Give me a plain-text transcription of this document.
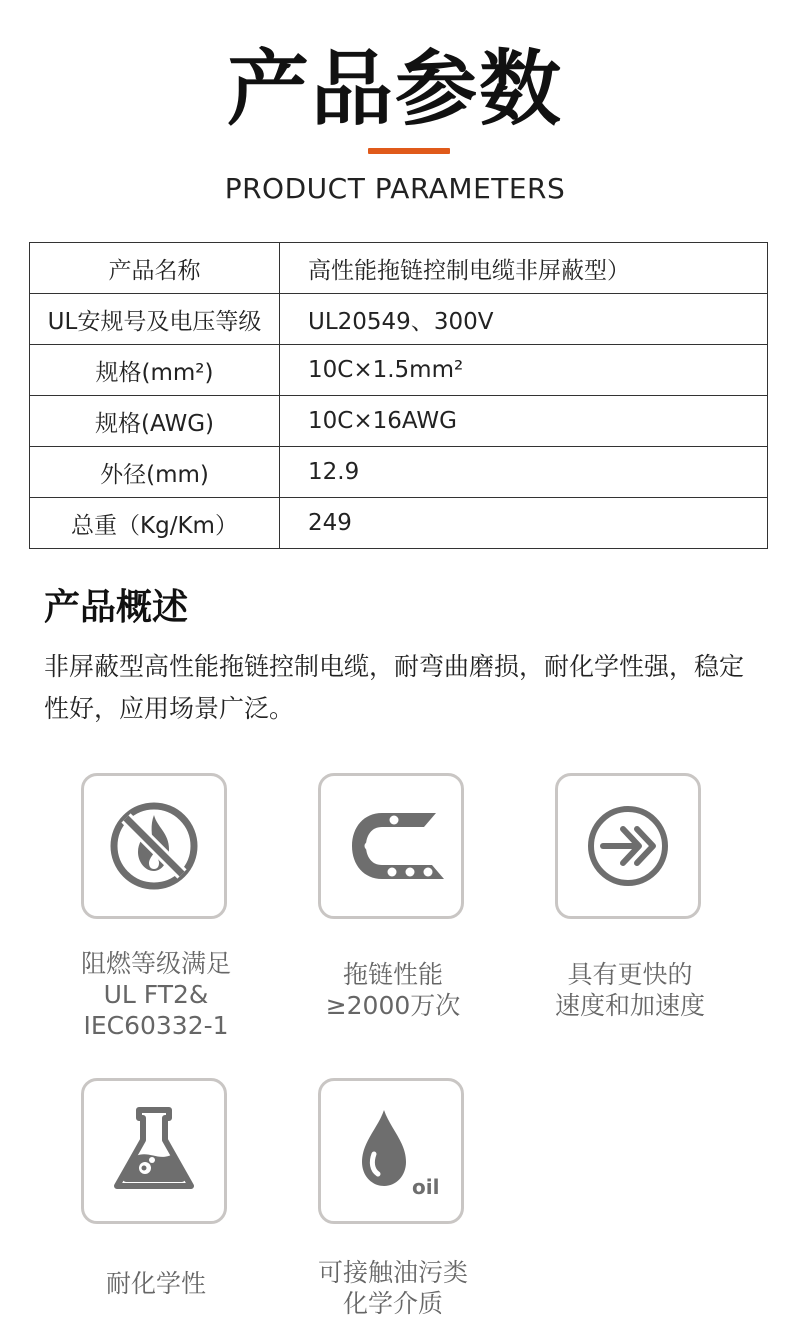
产品参数
PRODUCT PARAMETERS
产品名称	高性能拖链控制电缆非屏蔽型）
UL安规号及电压等级	UL20549、300V
规格(mm²)	10C×1.5mm²
规格(AWG)	10C×16AWG
外径(mm)	12.9
总重（Kg/Km）	249
产品概述
非屏蔽型高性能拖链控制电缆，耐弯曲磨损，耐化学性强，稳定性好，应用场景广泛。
阻燃等级满足
UL FT2&
IEC60332-1
拖链性能
≥2000万次
具有更快的
速度和加速度
耐化学性
oil
可接触油污类
化学介质
